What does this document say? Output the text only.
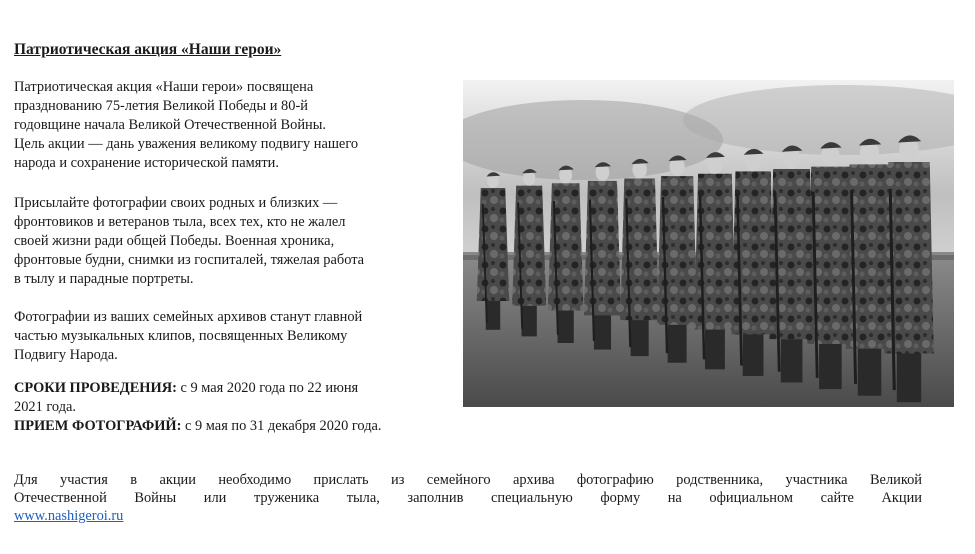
Патриотическая акция «Наши герои»
Патриотическая акция «Наши герои» посвящена
празднованию 75-летия Великой Победы и 80-й
годовщине начала Великой Отечественной Войны.
Цель акции — дань уважения великому подвигу нашего
народа и сохранение исторической памяти.
Присылайте фотографии своих родных и близких —
фронтовиков и ветеранов тыла, всех тех, кто не жалел
своей жизни ради общей Победы. Военная хроника,
фронтовые будни, снимки из госпиталей, тяжелая работа
в тылу и парадные портреты.
Фотографии из ваших семейных архивов станут главной
частью музыкальных клипов, посвященных Великому
Подвигу Народа.
СРОКИ ПРОВЕДЕНИЯ: с 9 мая 2020 года по 22 июня
2021 года.
ПРИЕМ ФОТОГРАФИЙ: с 9 мая по 31 декабря 2020 года.
Для участия в акции необходимо прислать из семейного архива фотографию родственника, участника Великой
Отечественной Войны или труженика тыла, заполнив специальную форму на официальном сайте Акции
www.nashigeroi.ru
